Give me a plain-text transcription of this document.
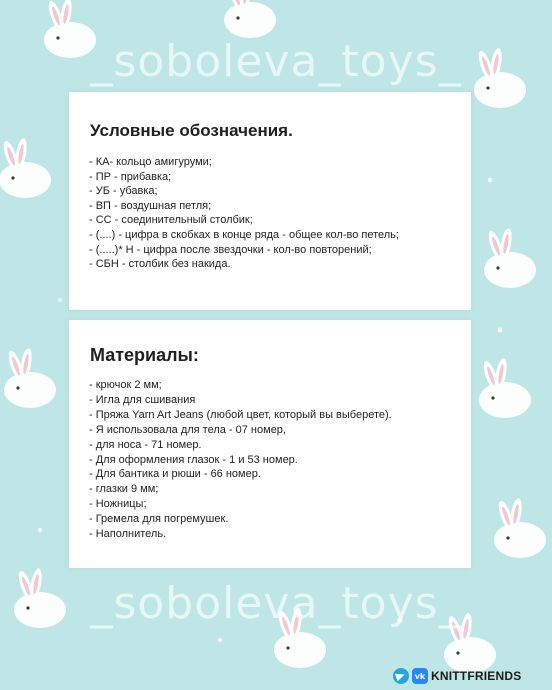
_soboleva_toys_
Условные обозначения.
- КА- кольцо амигуруми;
- ПР - прибавка;
- УБ - убавка;
- ВП - воздушная петля;
- СС - соединительный столбик;
- (....) - цифра в скобках в конце ряда - общее кол-во петель;
- (.....)* Н - цифра после звездочки - кол-во повторений;
- СБН - столбик без накида.
Материалы:
- крючок 2 мм;
- Игла для сшивания
- Пряжа Yarn Art Jeans (любой цвет, который вы выберете).
- Я использовала для тела - 07 номер,
- для носа - 71 номер.
- Для оформления глазок - 1 и 53 номер.
- Для бантика и рюши - 66 номер.
- глазки 9 мм;
- Ножницы;
- Гремела для погремушек.
- Наполнитель.
_soboleva_toys_
vk KNITTFRIENDS
